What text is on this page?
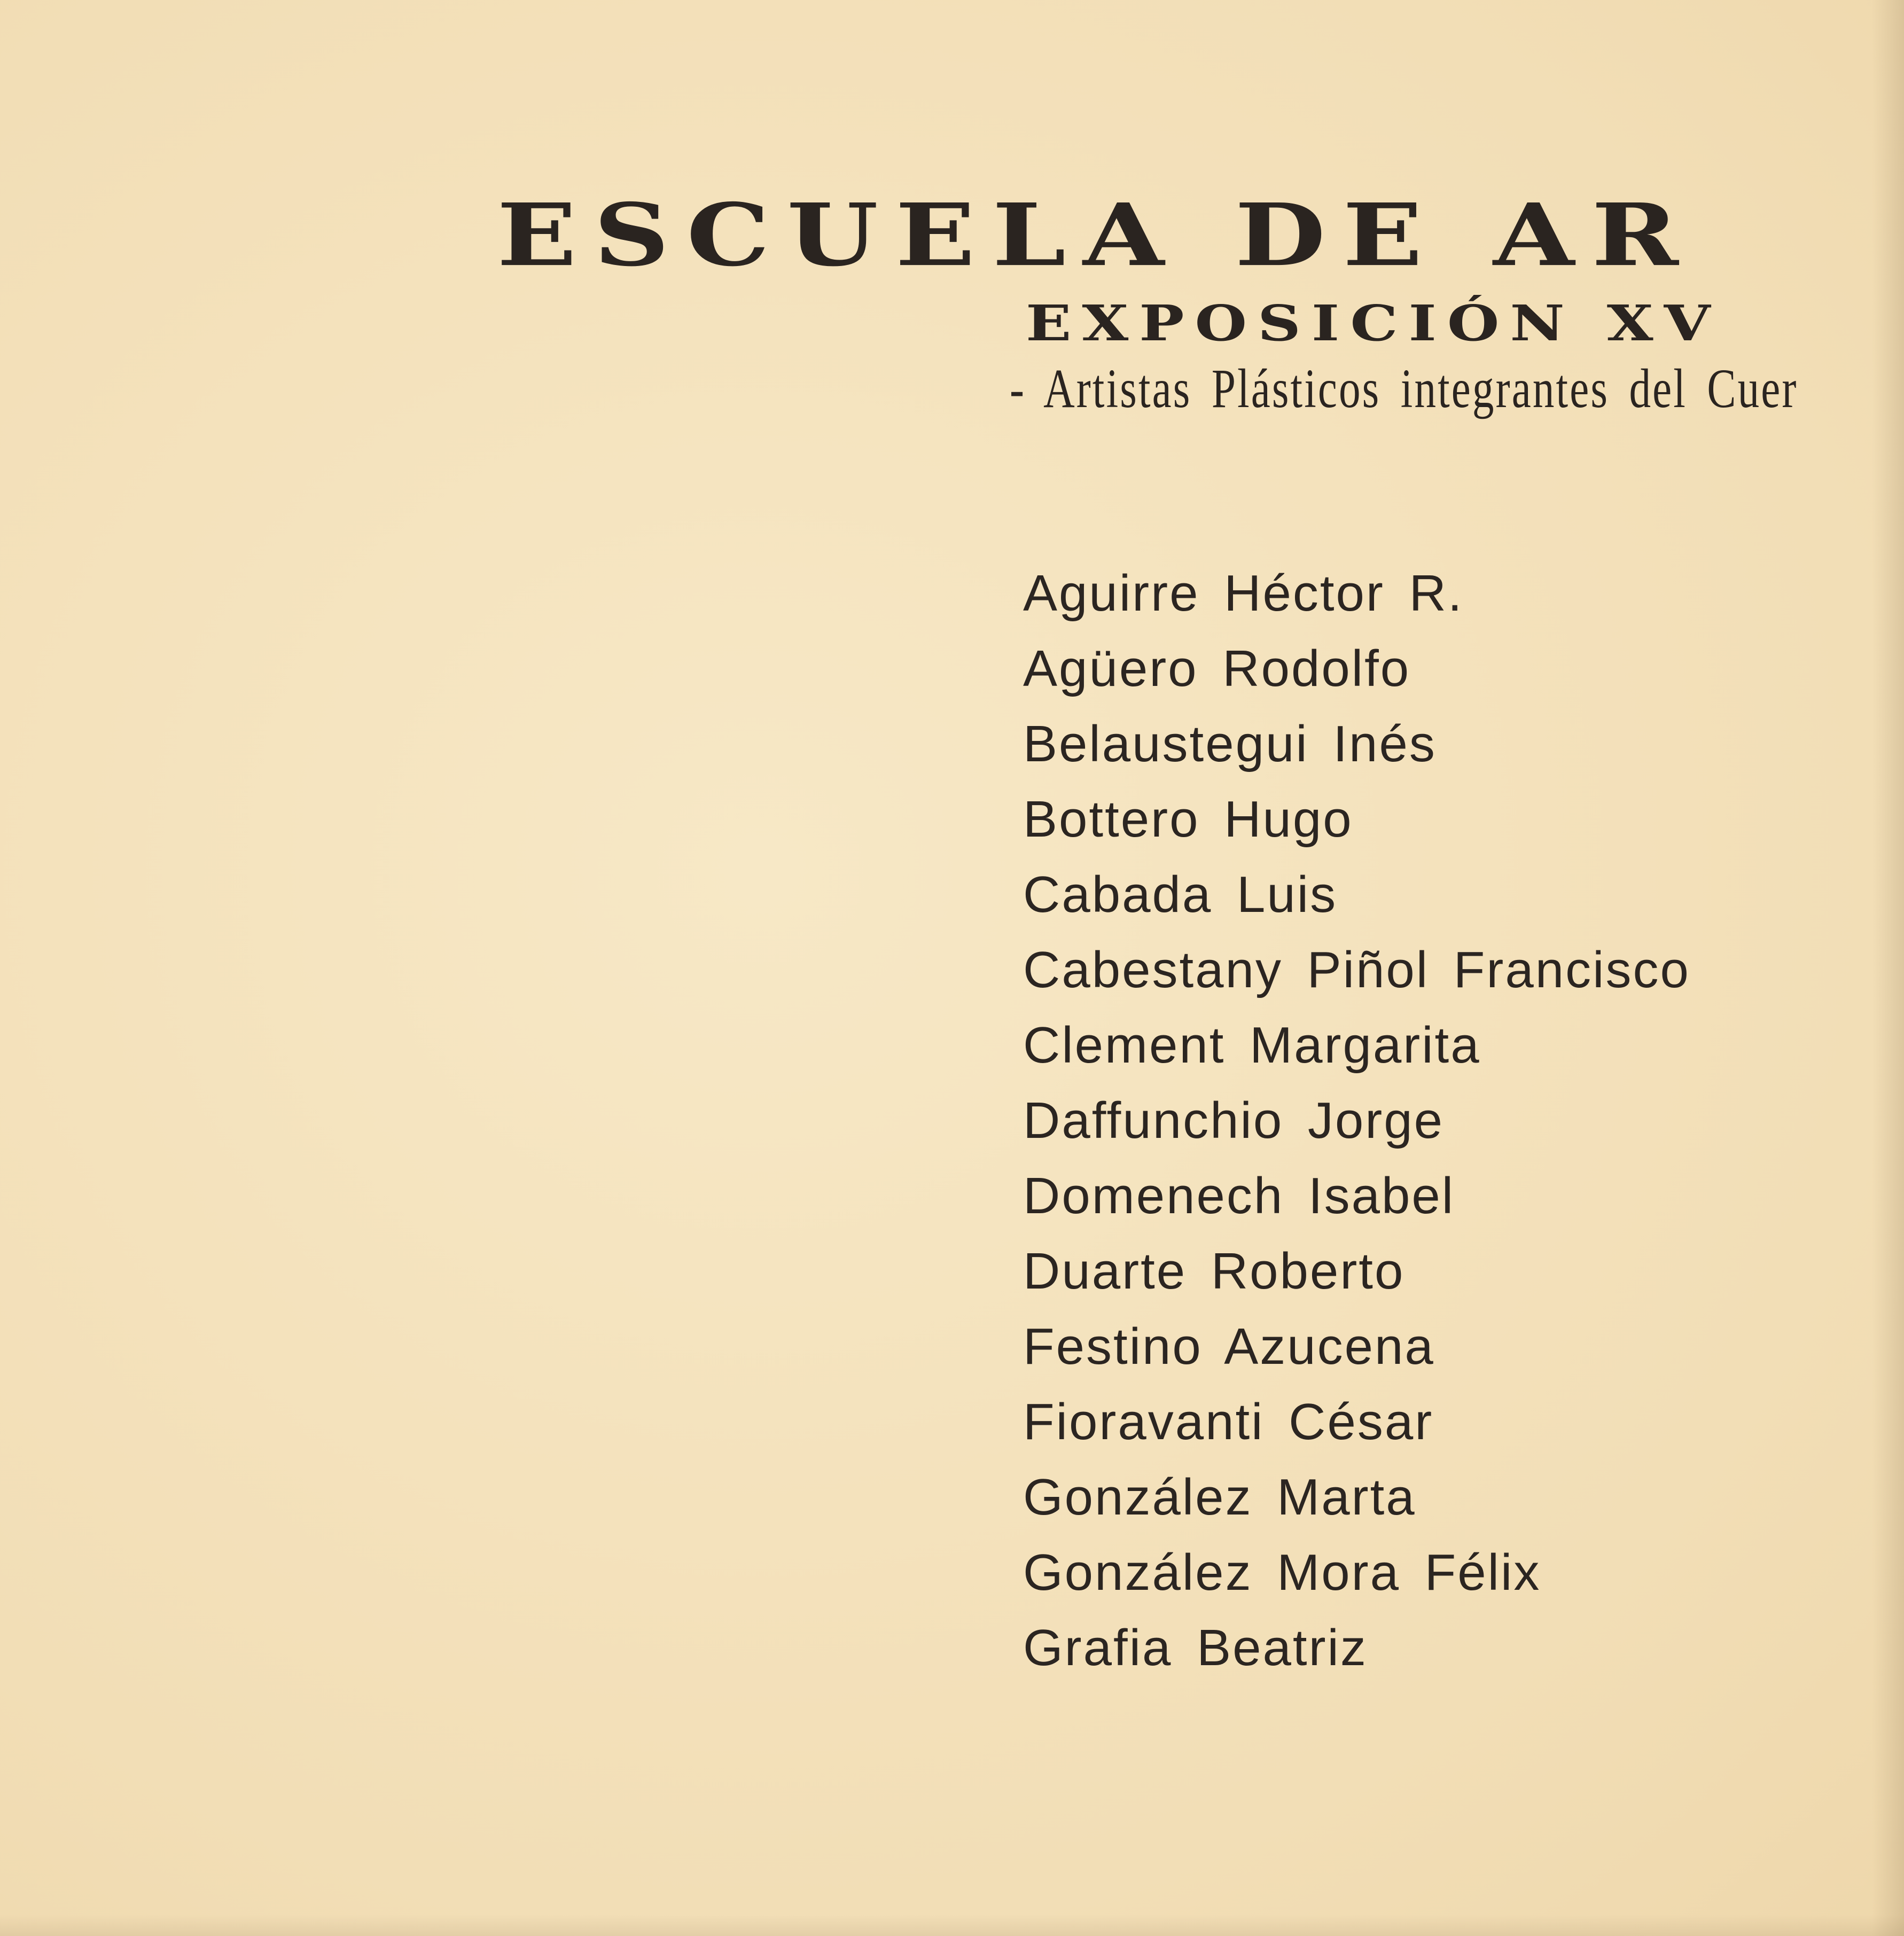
ESCUELA DE AR
EXPOSICIÓN XV

- Artistas Plásticos integrantes del Cuer

Aguirre Héctor R.
Agüero Rodolfo
Belaustegui Inés
Bottero Hugo
Cabada Luis
Cabestany Piñol Francisco
Clement Margarita
Daffunchio Jorge
Domenech Isabel
Duarte Roberto
Festino Azucena
Fioravanti César
González Marta
González Mora Félix
Grafia Beatriz
